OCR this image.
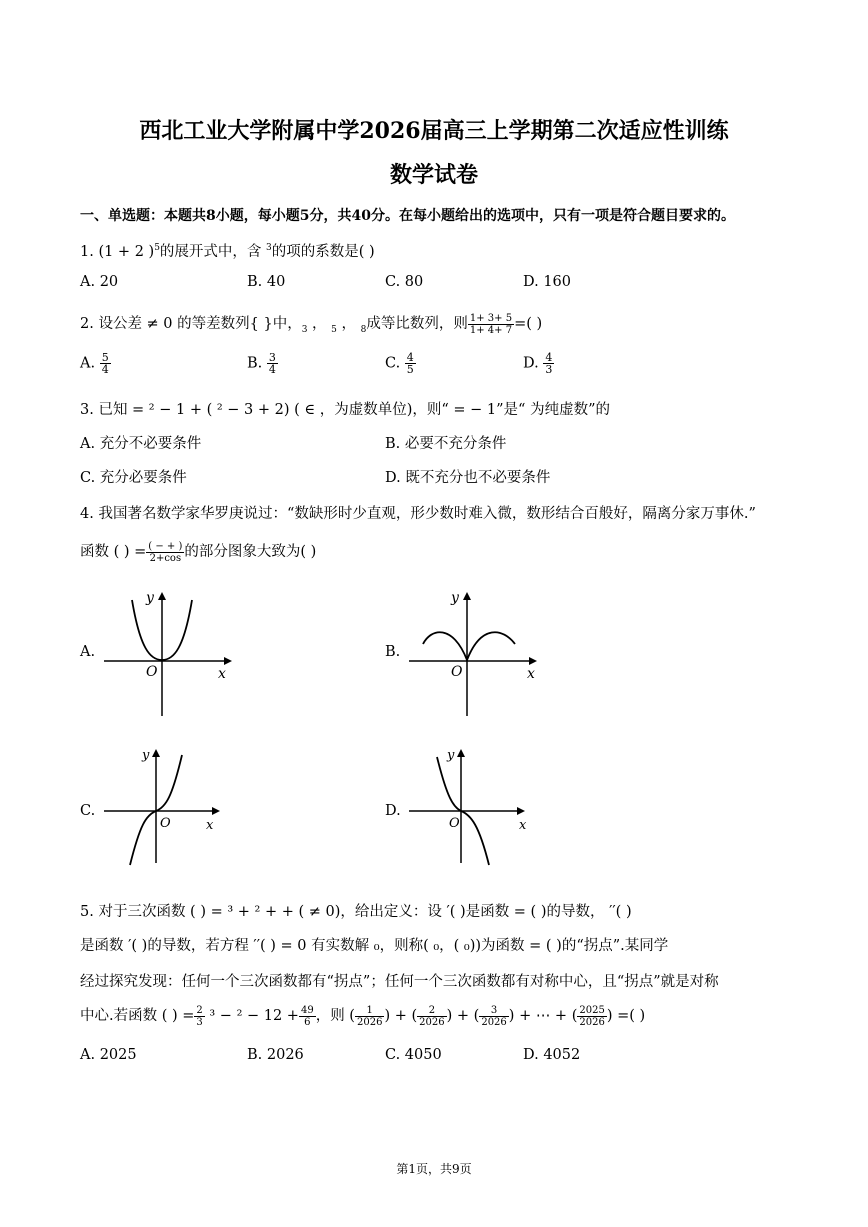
西北工业大学附属中学2026届高三上学期第二次适应性训练
数学试卷
一、单选题：本题共8小题，每小题5分，共40分。在每小题给出的选项中，只有一项是符合题目要求的。
1. (1 + 2 )$^5$的展开式中，含 $^3$的项的系数是( )
A. 20	B. 40	C. 80	D. 160
2. 设公差 ≠ 0 的等差数列{ }中，$_3$ ， $_5$ ， $_8$成等比数列，则 $\frac{1+ 3+ 5}{1+ 4+ 7}$ =( )
A. $\frac{5}{4}$	B. $\frac{3}{4}$	C. $\frac{4}{5}$	D. $\frac{4}{3}$
3. 已知 = ² − 1 + ( ² − 3 + 2) ( ∈ ，为虚数单位)，则“ = − 1”是“ 为纯虚数”的
A. 充分不必要条件	B. 必要不充分条件
C. 充分必要条件	D. 既不充分也不必要条件
4. 我国著名数学家华罗庚说过：“数缺形时少直观，形少数时难入微，数形结合百般好，隔离分家万事休.”
函数 ( ) = $\frac{( - + )}{2+\cos}$ 的部分图象大致为( )
A.
y
x
O
B.
y
x
O
C.
y
x
O
D.
y
x
O
5. 对于三次函数 ( ) = ³ + ² + + ( ≠ 0)，给出定义：设 ′( )是函数 = ( )的导数， ′′( )
是函数 ′( )的导数，若方程 ′′( ) = 0 有实数解 ₀，则称( ₀，( ₀))为函数 = ( )的“拐点”.某同学
经过探究发现：任何一个三次函数都有“拐点”；任何一个三次函数都有对称中心，且“拐点”就是对称
中心.若函数 ( ) = $\frac{2}{3} ^3 - ^2 - 12 + \frac{49}{6}$ ，则 ( $\frac{1}{2026}$ ) + ( $\frac{2}{2026}$ ) + ( $\frac{3}{2026}$ ) + ⋯ + ( $\frac{2025}{2026}$ ) =( )
A. 2025	B. 2026	C. 4050	D. 4052
第1页，共9页
